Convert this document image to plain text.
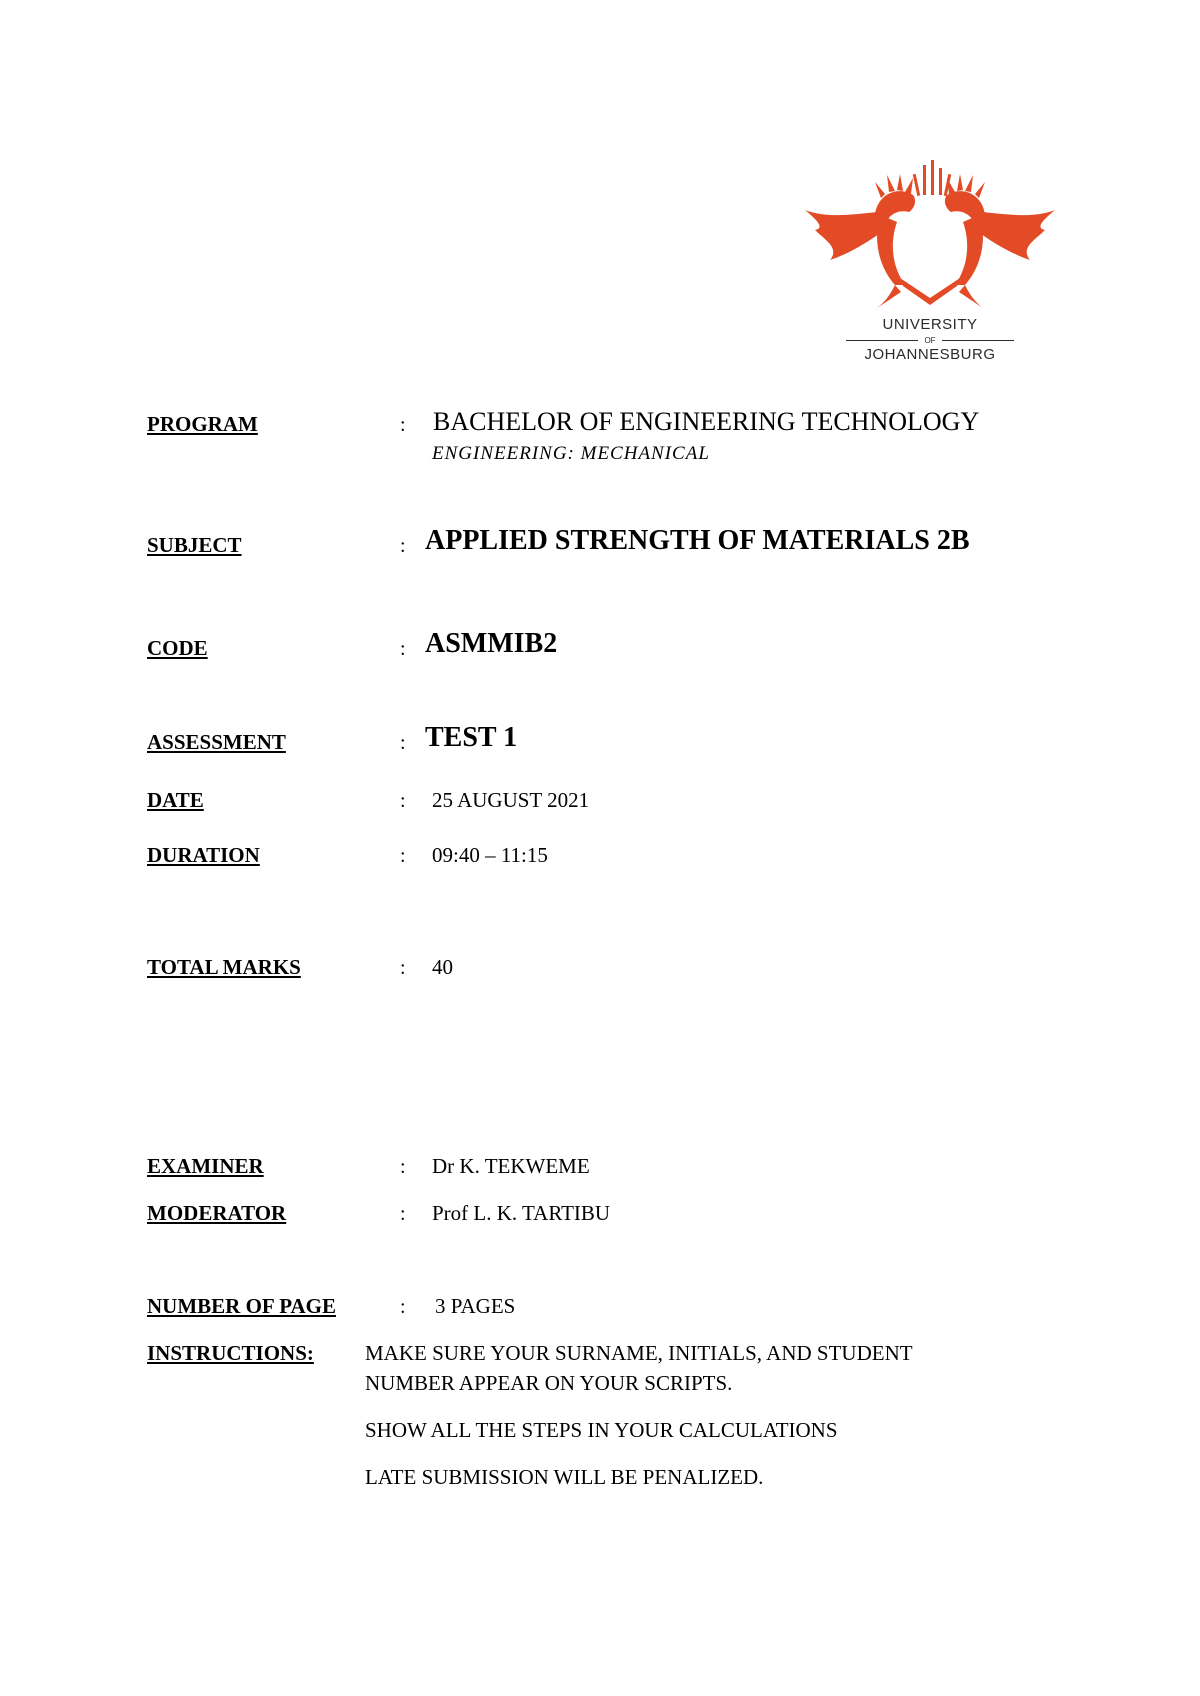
UNIVERSITY
OF
JOHANNESBURG
PROGRAM	: BACHELOR OF ENGINEERING TECHNOLOGY
ENGINEERING: MECHANICAL
SUBJECT	: APPLIED STRENGTH OF MATERIALS 2B
CODE	: ASMMIB2
ASSESSMENT	: TEST 1
DATE	: 25 AUGUST 2021
DURATION	: 09:40 – 11:15
TOTAL MARKS	: 40
EXAMINER	: Dr K. TEKWEME
MODERATOR	: Prof L. K. TARTIBU
NUMBER OF PAGE	: 3 PAGES
INSTRUCTIONS: MAKE SURE YOUR SURNAME, INITIALS, AND STUDENT
NUMBER APPEAR ON YOUR SCRIPTS.
SHOW ALL THE STEPS IN YOUR CALCULATIONS
LATE SUBMISSION WILL BE PENALIZED.
